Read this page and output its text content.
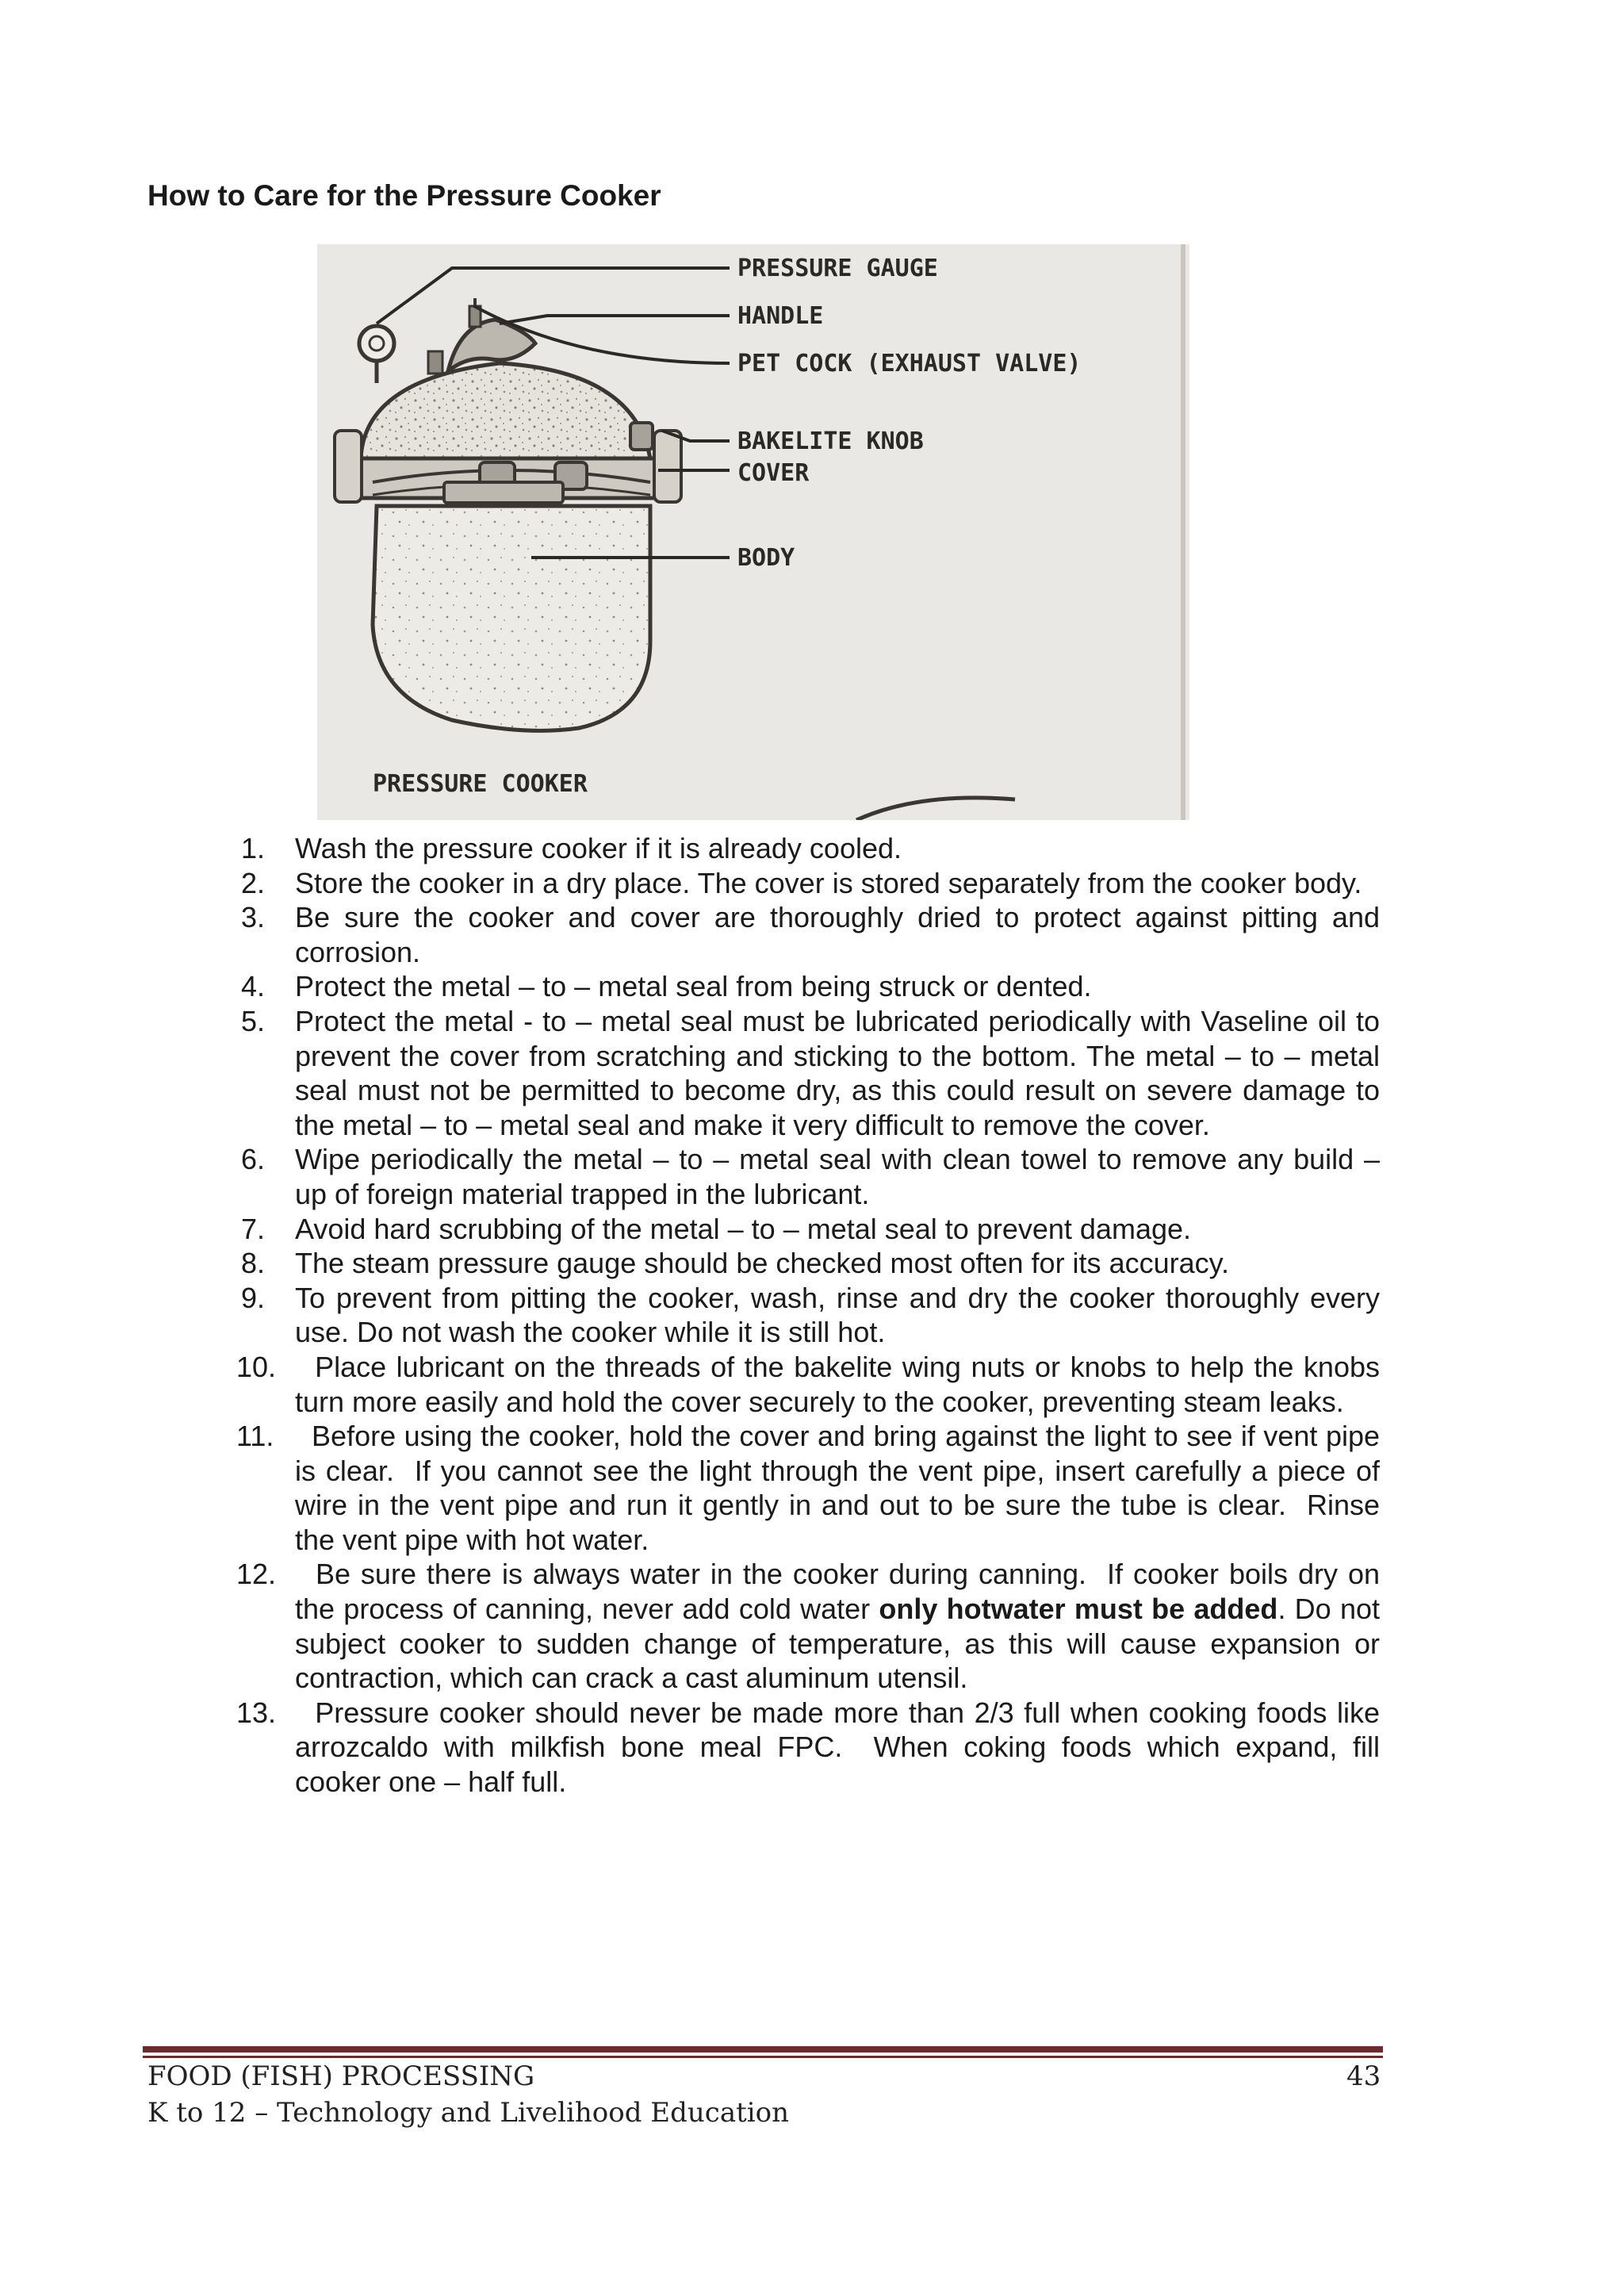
How to Care for the Pressure Cooker
PRESSURE GAUGE
HANDLE
PET COCK (EXHAUST VALVE)
BAKELITE KNOB
COVER
BODY
PRESSURE COOKER
1. Wash the pressure cooker if it is already cooled.
2. Store the cooker in a dry place. The cover is stored separately from the cooker body.
3. Be sure the cooker and cover are thoroughly dried to protect against pitting and corrosion.
4. Protect the metal – to – metal seal from being struck or dented.
5. Protect the metal - to – metal seal must be lubricated periodically with Vaseline oil to prevent the cover from scratching and sticking to the bottom. The metal – to – metal seal must not be permitted to become dry, as this could result on severe damage to the metal – to – metal seal and make it very difficult to remove the cover.
6. Wipe periodically the metal – to – metal seal with clean towel to remove any build – up of foreign material trapped in the lubricant.
7. Avoid hard scrubbing of the metal – to – metal seal to prevent damage.
8. The steam pressure gauge should be checked most often for its accuracy.
9. To prevent from pitting the cooker, wash, rinse and dry the cooker thoroughly every use. Do not wash the cooker while it is still hot.
10. Place lubricant on the threads of the bakelite wing nuts or knobs to help the knobs turn more easily and hold the cover securely to the cooker, preventing steam leaks.
11. Before using the cooker, hold the cover and bring against the light to see if vent pipe is clear.  If you cannot see the light through the vent pipe, insert carefully a piece of wire in the vent pipe and run it gently in and out to be sure the tube is clear.  Rinse the vent pipe with hot water.
12. Be sure there is always water in the cooker during canning.  If cooker boils dry on the process of canning, never add cold water only hotwater must be added. Do not subject cooker to sudden change of temperature, as this will cause expansion or contraction, which can crack a cast aluminum utensil.
13. Pressure cooker should never be made more than 2/3 full when cooking foods like arrozcaldo with milkfish bone meal FPC.  When coking foods which expand, fill cooker one – half full.
FOOD (FISH) PROCESSING	43
K to 12 – Technology and Livelihood Education
